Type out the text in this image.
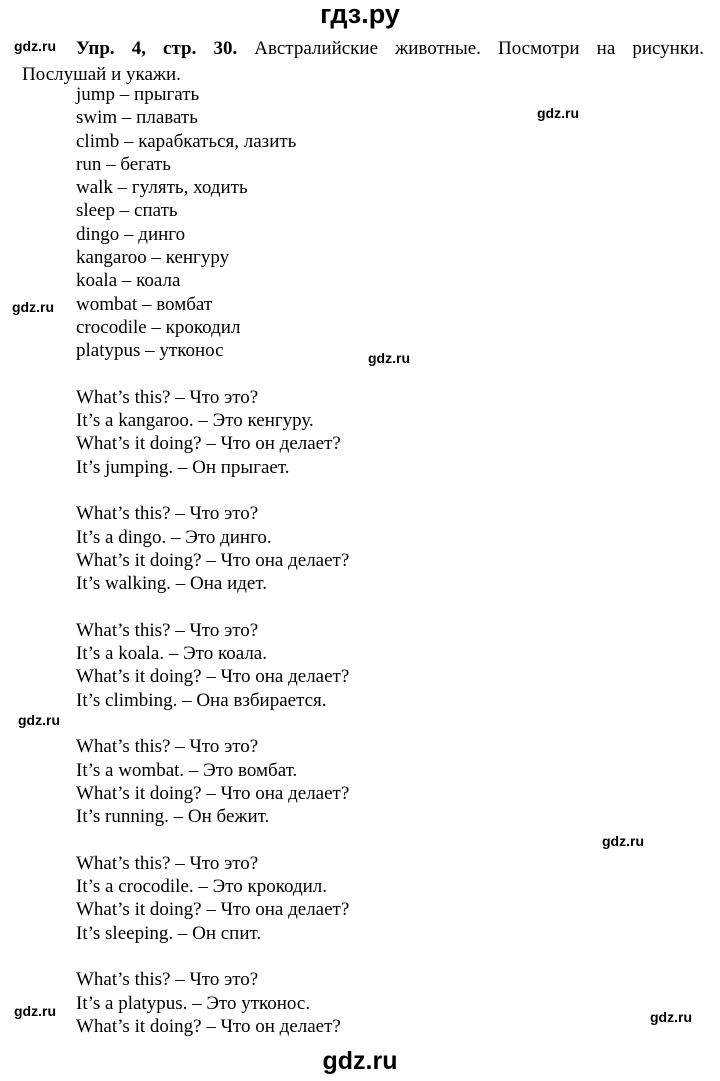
гдз.ру
gdz.ru
gdz.ru
gdz.ru
gdz.ru
gdz.ru
gdz.ru
gdz.ru	gdz.ru
Упр. 4, стр. 30. Австралийские животные. Посмотри на рисунки.
Послушай и укажи.
jump – прыгать
swim – плавать
climb – карабкаться, лазить
run – бегать
walk – гулять, ходить
sleep – спать
dingo – динго
kangaroo – кенгуру
koala – коала
wombat – вомбат
crocodile – крокодил
platypus – утконос
What’s this? – Что это?
It’s a kangaroo. – Это кенгуру.
What’s it doing? – Что он делает?
It’s jumping. – Он прыгает.
What’s this? – Что это?
It’s a dingo. – Это динго.
What’s it doing? – Что она делает?
It’s walking. – Она идет.
What’s this? – Что это?
It’s a koala. – Это коала.
What’s it doing? – Что она делает?
It’s climbing. – Она взбирается.
What’s this? – Что это?
It’s a wombat. – Это вомбат.
What’s it doing? – Что она делает?
It’s running. – Он бежит.
What’s this? – Что это?
It’s a crocodile. – Это крокодил.
What’s it doing? – Что она делает?
It’s sleeping. – Он спит.
What’s this? – Что это?
It’s a platypus. – Это утконос.
What’s it doing? – Что он делает?
gdz.ru
